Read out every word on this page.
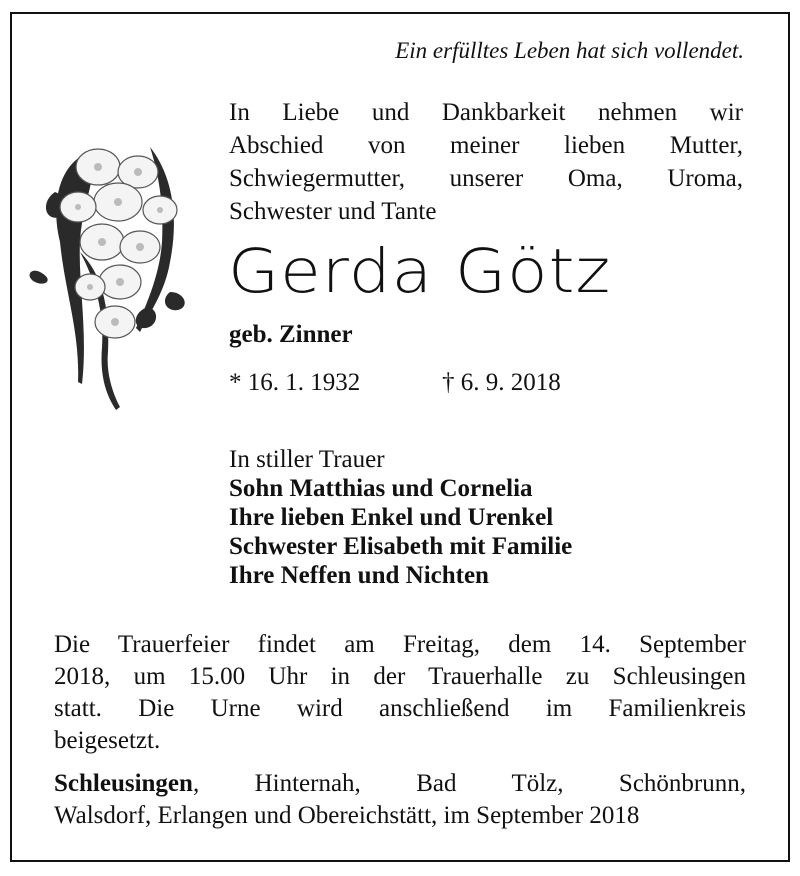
Ein erfülltes Leben hat sich vollendet.
In Liebe und Dankbarkeit nehmen wir
Abschied von meiner lieben Mutter,
Schwiegermutter, unserer Oma, Uroma,
Schwester und Tante
Gerda Götz
geb. Zinner
* 16. 1. 1932	† 6. 9. 2018
In stiller Trauer
Sohn Matthias und Cornelia
Ihre lieben Enkel und Urenkel
Schwester Elisabeth mit Familie
Ihre Neffen und Nichten
Die Trauerfeier findet am Freitag, dem 14. September
2018, um 15.00 Uhr in der Trauerhalle zu Schleusingen
statt. Die Urne wird anschließend im Familienkreis
beigesetzt.
Schleusingen, Hinternah, Bad Tölz, Schönbrunn,
Walsdorf, Erlangen und Obereichstätt, im September 2018
